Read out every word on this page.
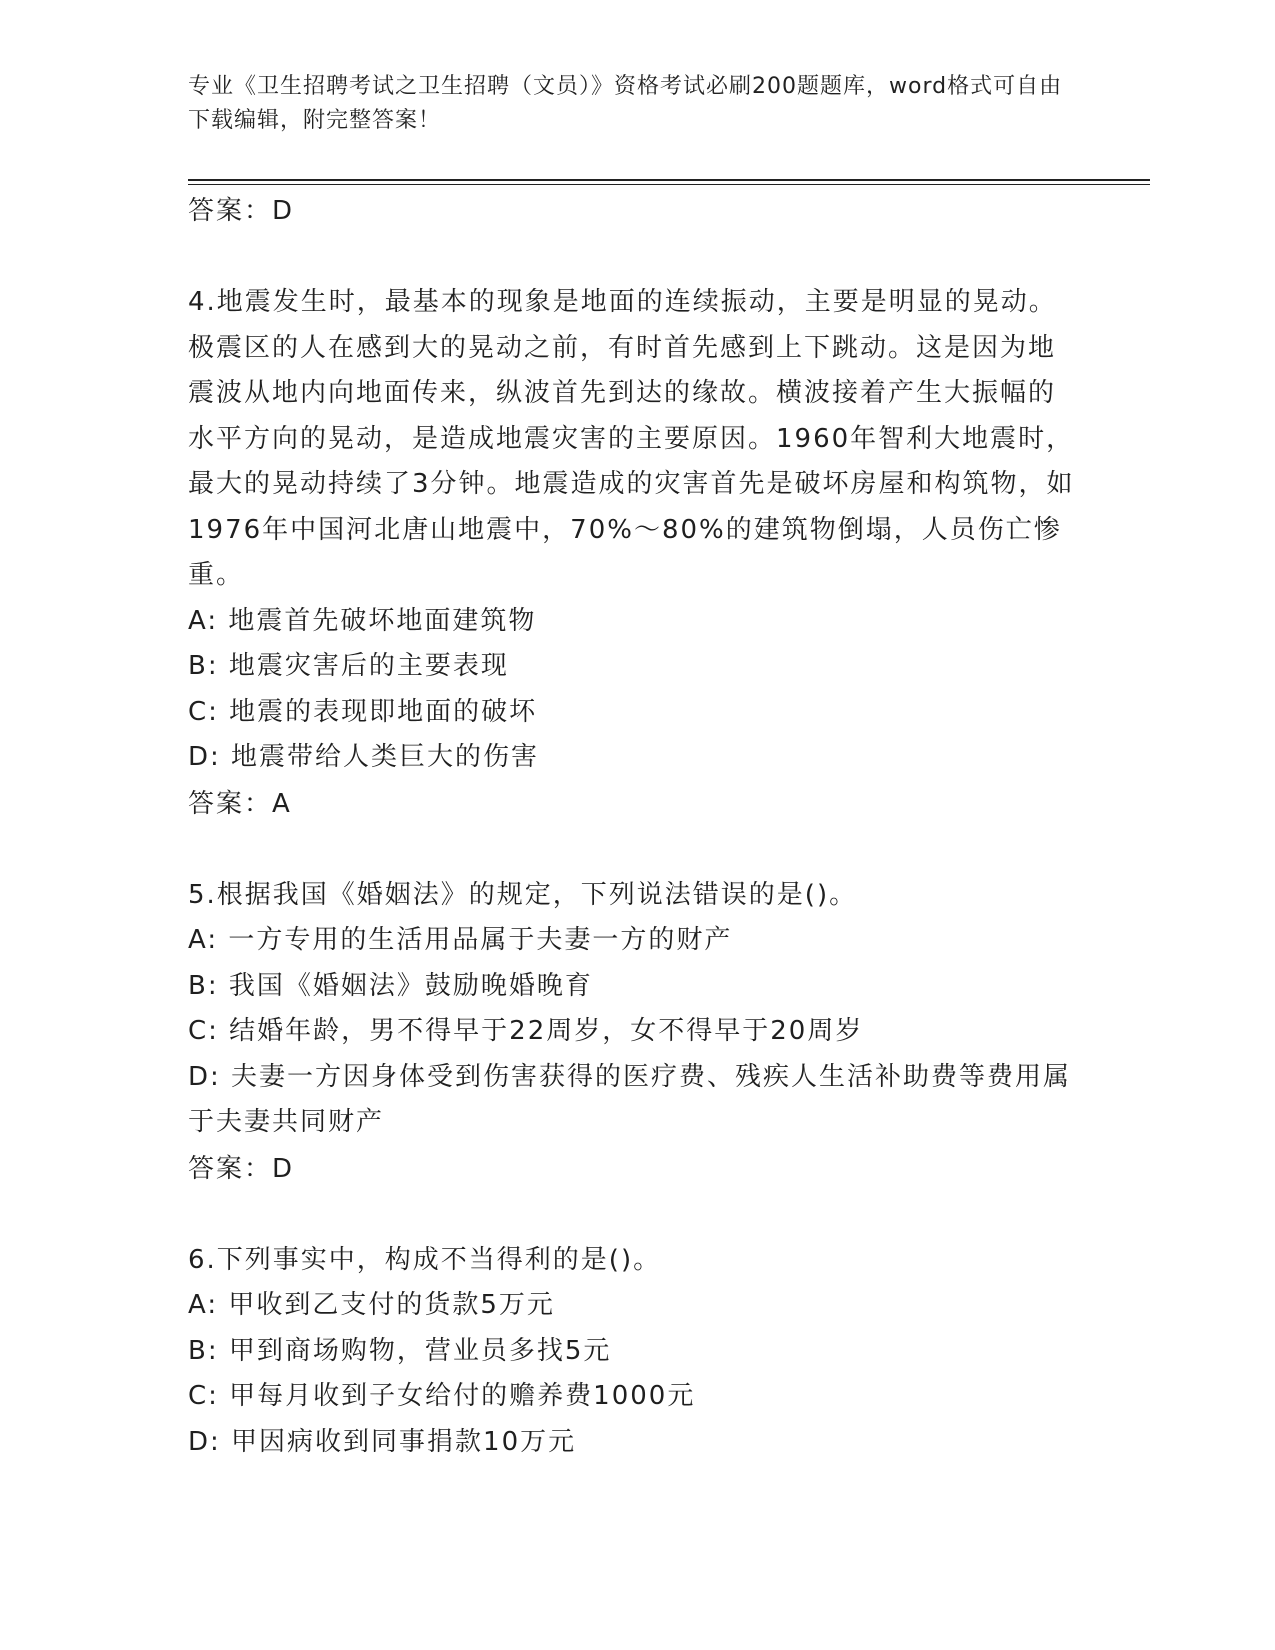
专业《卫生招聘考试之卫生招聘（文员）》资格考试必刷200题题库，word格式可自由下载编辑，附完整答案！

答案：D

4.地震发生时，最基本的现象是地面的连续振动，主要是明显的晃动。极震区的人在感到大的晃动之前，有时首先感到上下跳动。这是因为地震波从地内向地面传来，纵波首先到达的缘故。横波接着产生大振幅的水平方向的晃动，是造成地震灾害的主要原因。1960年智利大地震时，最大的晃动持续了3分钟。地震造成的灾害首先是破坏房屋和构筑物，如1976年中国河北唐山地震中，70%～80%的建筑物倒塌，人员伤亡惨重。

A: 地震首先破坏地面建筑物

B: 地震灾害后的主要表现

C: 地震的表现即地面的破坏

D: 地震带给人类巨大的伤害

答案：A

5.根据我国《婚姻法》的规定，下列说法错误的是()。

A: 一方专用的生活用品属于夫妻一方的财产

B: 我国《婚姻法》鼓励晚婚晚育

C: 结婚年龄，男不得早于22周岁，女不得早于20周岁

D: 夫妻一方因身体受到伤害获得的医疗费、残疾人生活补助费等费用属于夫妻共同财产

答案：D

6.下列事实中，构成不当得利的是()。

A: 甲收到乙支付的货款5万元

B: 甲到商场购物，营业员多找5元

C: 甲每月收到子女给付的赡养费1000元

D: 甲因病收到同事捐款10万元
